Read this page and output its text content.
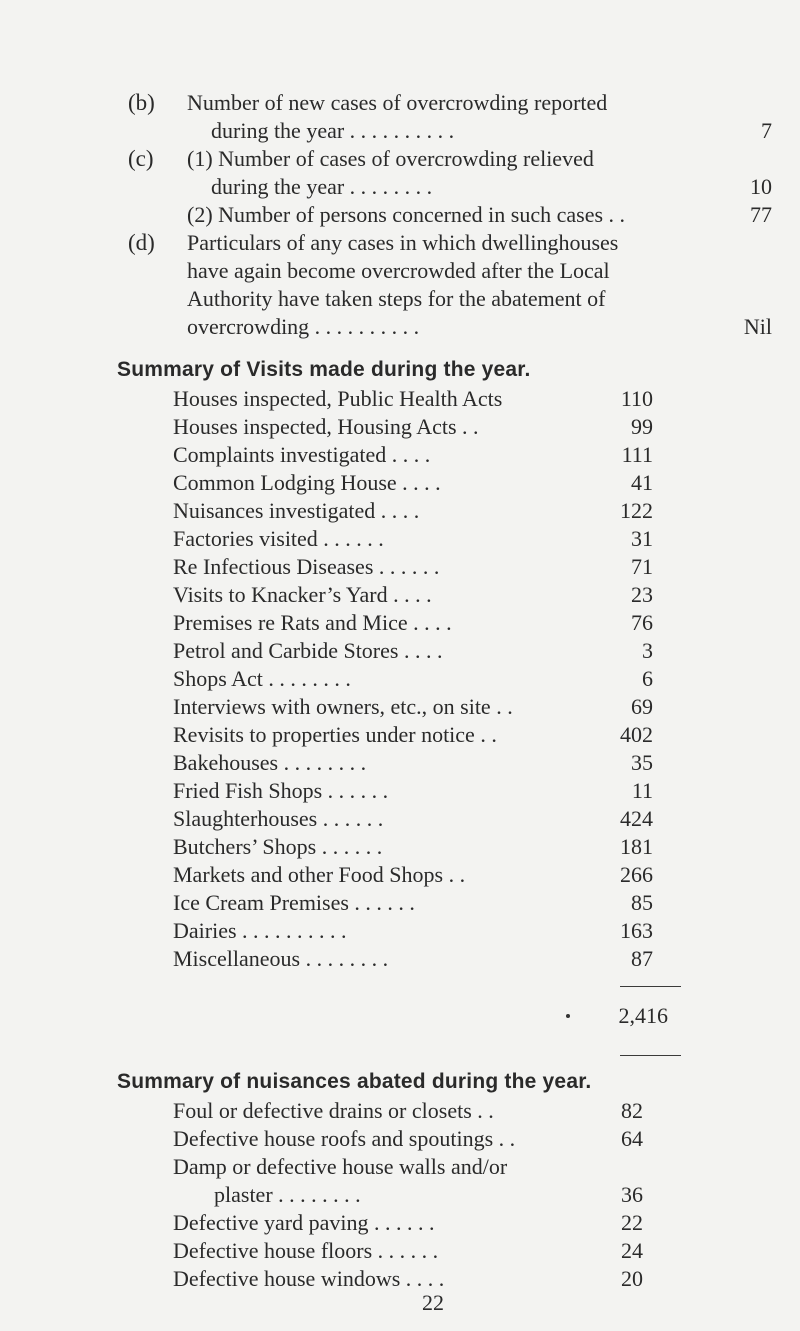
(b) Number of new cases of overcrowding reported
during the year . . . . . . . . . .	7
(c) (1) Number of cases of overcrowding relieved
during the year . . . . . . . .	10
(2) Number of persons concerned in such cases . .	77
(d) Particulars of any cases in which dwellinghouses
have again become overcrowded after the Local
Authority have taken steps for the abatement of
overcrowding . . . . . . . . . .	Nil
Summary of Visits made during the year.
Houses inspected, Public Health Acts	110
Houses inspected, Housing Acts . .	99
Complaints investigated . . . .	111
Common Lodging House . . . .	41
Nuisances investigated . . . .	122
Factories visited . . . . . .	31
Re Infectious Diseases . . . . . .	71
Visits to Knacker’s Yard . . . .	23
Premises re Rats and Mice . . . .	76
Petrol and Carbide Stores . . . .	3
Shops Act . . . . . . . .	6
Interviews with owners, etc., on site . .	69
Revisits to properties under notice . .	402
Bakehouses . . . . . . . .	35
Fried Fish Shops . . . . . .	11
Slaughterhouses . . . . . .	424
Butchers’ Shops . . . . . .	181
Markets and other Food Shops . .	266
Ice Cream Premises . . . . . .	85
Dairies . . . . . . . . . .	163
Miscellaneous . . . . . . . .	87
2,416
Summary of nuisances abated during the year.
Foul or defective drains or closets . .	82
Defective house roofs and spoutings . .	64
Damp or defective house walls and/or
plaster . . . . . . . .	36
Defective yard paving . . . . . .	22
Defective house floors . . . . . .	24
Defective house windows . . . .	20
22
